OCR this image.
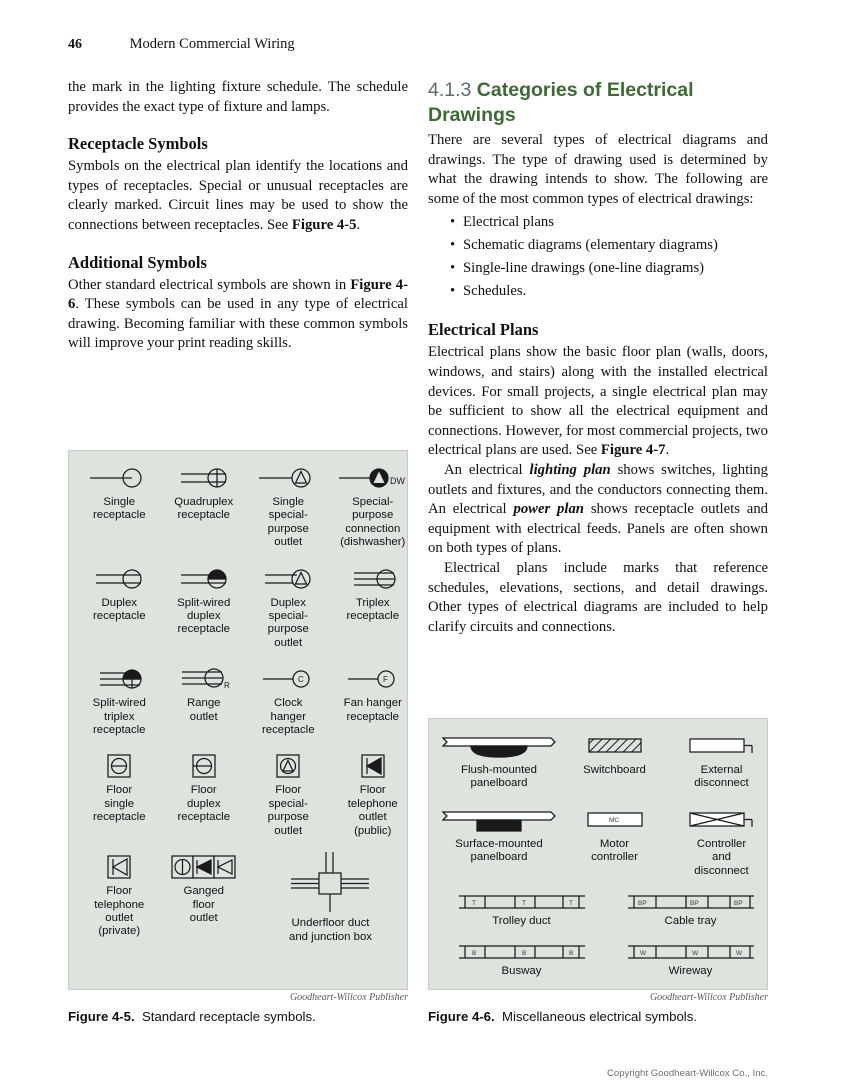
46	Modern Commercial Wiring

the mark in the lighting fixture schedule. The schedule provides the exact type of fixture and lamps.

Receptacle Symbols

Symbols on the electrical plan identify the locations and types of receptacles. Special or unusual receptacles are clearly marked. Circuit lines may be used to show the connections between receptacles. See Figure 4-5.

Additional Symbols

Other standard electrical symbols are shown in Figure 4-6. These symbols can be used in any type of electrical drawing. Becoming familiar with these common symbols will improve your print reading skills.

4.1.3 Categories of Electrical Drawings

There are several types of electrical diagrams and drawings. The type of drawing used is determined by what the drawing intends to show. The following are some of the most common types of electrical drawings:

• Electrical plans
• Schematic diagrams (elementary diagrams)
• Single-line drawings (one-line diagrams)
• Schedules.
Electrical Plans

Electrical plans show the basic floor plan (walls, doors, windows, and stairs) along with the installed electrical devices. For small projects, a single electrical plan may be sufficient to show all the electrical equipment and connections. However, for most commercial projects, two electrical plans are used. See Figure 4-7.

An electrical lighting plan shows switches, lighting outlets and fixtures, and the conductors connecting them. An electrical power plan shows receptacle outlets and equipment with electrical feeds. Panels are often shown on both types of plans.

Electrical plans include marks that reference schedules, elevations, sections, and detail drawings. Other types of electrical diagrams are included to help clarify circuits and connections.

Single
receptacle
Quadruplex
receptacle
Single
special-
purpose
outlet
DW
Special-
purpose
connection
(dishwasher)
Duplex
receptacle
Split-wired
duplex
receptacle
Duplex
special-
purpose
outlet
Triplex
receptacle
Split-wired
triplex
receptacle
R
Range
outlet
C
Clock
hanger
receptacle
F
Fan hanger
receptacle
Floor
single
receptacle
Floor
duplex
receptacle
Floor
special-
purpose
outlet
Floor
telephone
outlet
(public)
Floor
telephone
outlet
(private)
Ganged
floor
outlet	Underfloor duct
and junction box
Goodheart-Willcox Publisher
Figure 4-5. Standard receptacle symbols.
Flush-mounted
panelboard
Switchboard	External
disconnect
Surface-mounted
panelboard
MC
Motor
controller
Controller
and
disconnect
T	T	T
Trolley duct
BP	BP	BP
Cable tray
B	B	B
Busway
W	W	W
Wireway
Goodheart-Willcox Publisher
Figure 4-6. Miscellaneous electrical symbols.
Copyright Goodheart-Willcox Co., Inc.
